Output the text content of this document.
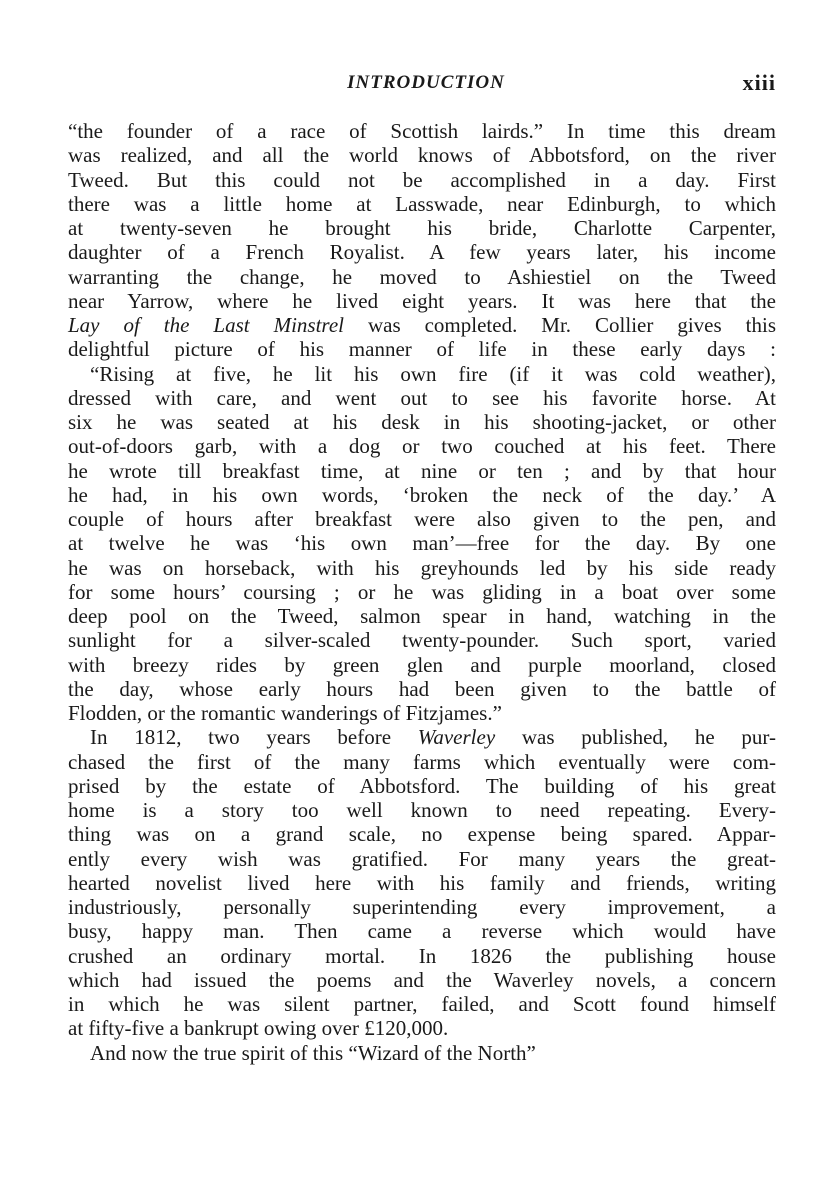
INTRODUCTION	xiii
“the founder of a race of Scottish lairds.” In time this dream
was realized, and all the world knows of Abbotsford, on the river
Tweed. But this could not be accomplished in a day. First
there was a little home at Lasswade, near Edinburgh, to which
at twenty-seven he brought his bride, Charlotte Carpenter,
daughter of a French Royalist. A few years later, his income
warranting the change, he moved to Ashiestiel on the Tweed
near Yarrow, where he lived eight years. It was here that the
Lay of the Last Minstrel was completed. Mr. Collier gives this
delightful picture of his manner of life in these early days :
“Rising at five, he lit his own fire (if it was cold weather),
dressed with care, and went out to see his favorite horse. At
six he was seated at his desk in his shooting-jacket, or other
out-of-doors garb, with a dog or two couched at his feet. There
he wrote till breakfast time, at nine or ten ; and by that hour
he had, in his own words, ‘broken the neck of the day.’ A
couple of hours after breakfast were also given to the pen, and
at twelve he was ‘his own man’—free for the day. By one
he was on horseback, with his greyhounds led by his side ready
for some hours’ coursing ; or he was gliding in a boat over some
deep pool on the Tweed, salmon spear in hand, watching in the
sunlight for a silver-scaled twenty-pounder. Such sport, varied
with breezy rides by green glen and purple moorland, closed
the day, whose early hours had been given to the battle of
Flodden, or the romantic wanderings of Fitzjames.”
In 1812, two years before Waverley was published, he pur-
chased the first of the many farms which eventually were com-
prised by the estate of Abbotsford. The building of his great
home is a story too well known to need repeating. Every-
thing was on a grand scale, no expense being spared. Appar-
ently every wish was gratified. For many years the great-
hearted novelist lived here with his family and friends, writing
industriously, personally superintending every improvement, a
busy, happy man. Then came a reverse which would have
crushed an ordinary mortal. In 1826 the publishing house
which had issued the poems and the Waverley novels, a concern
in which he was silent partner, failed, and Scott found himself
at fifty-five a bankrupt owing over £120,000.
And now the true spirit of this “Wizard of the North”
